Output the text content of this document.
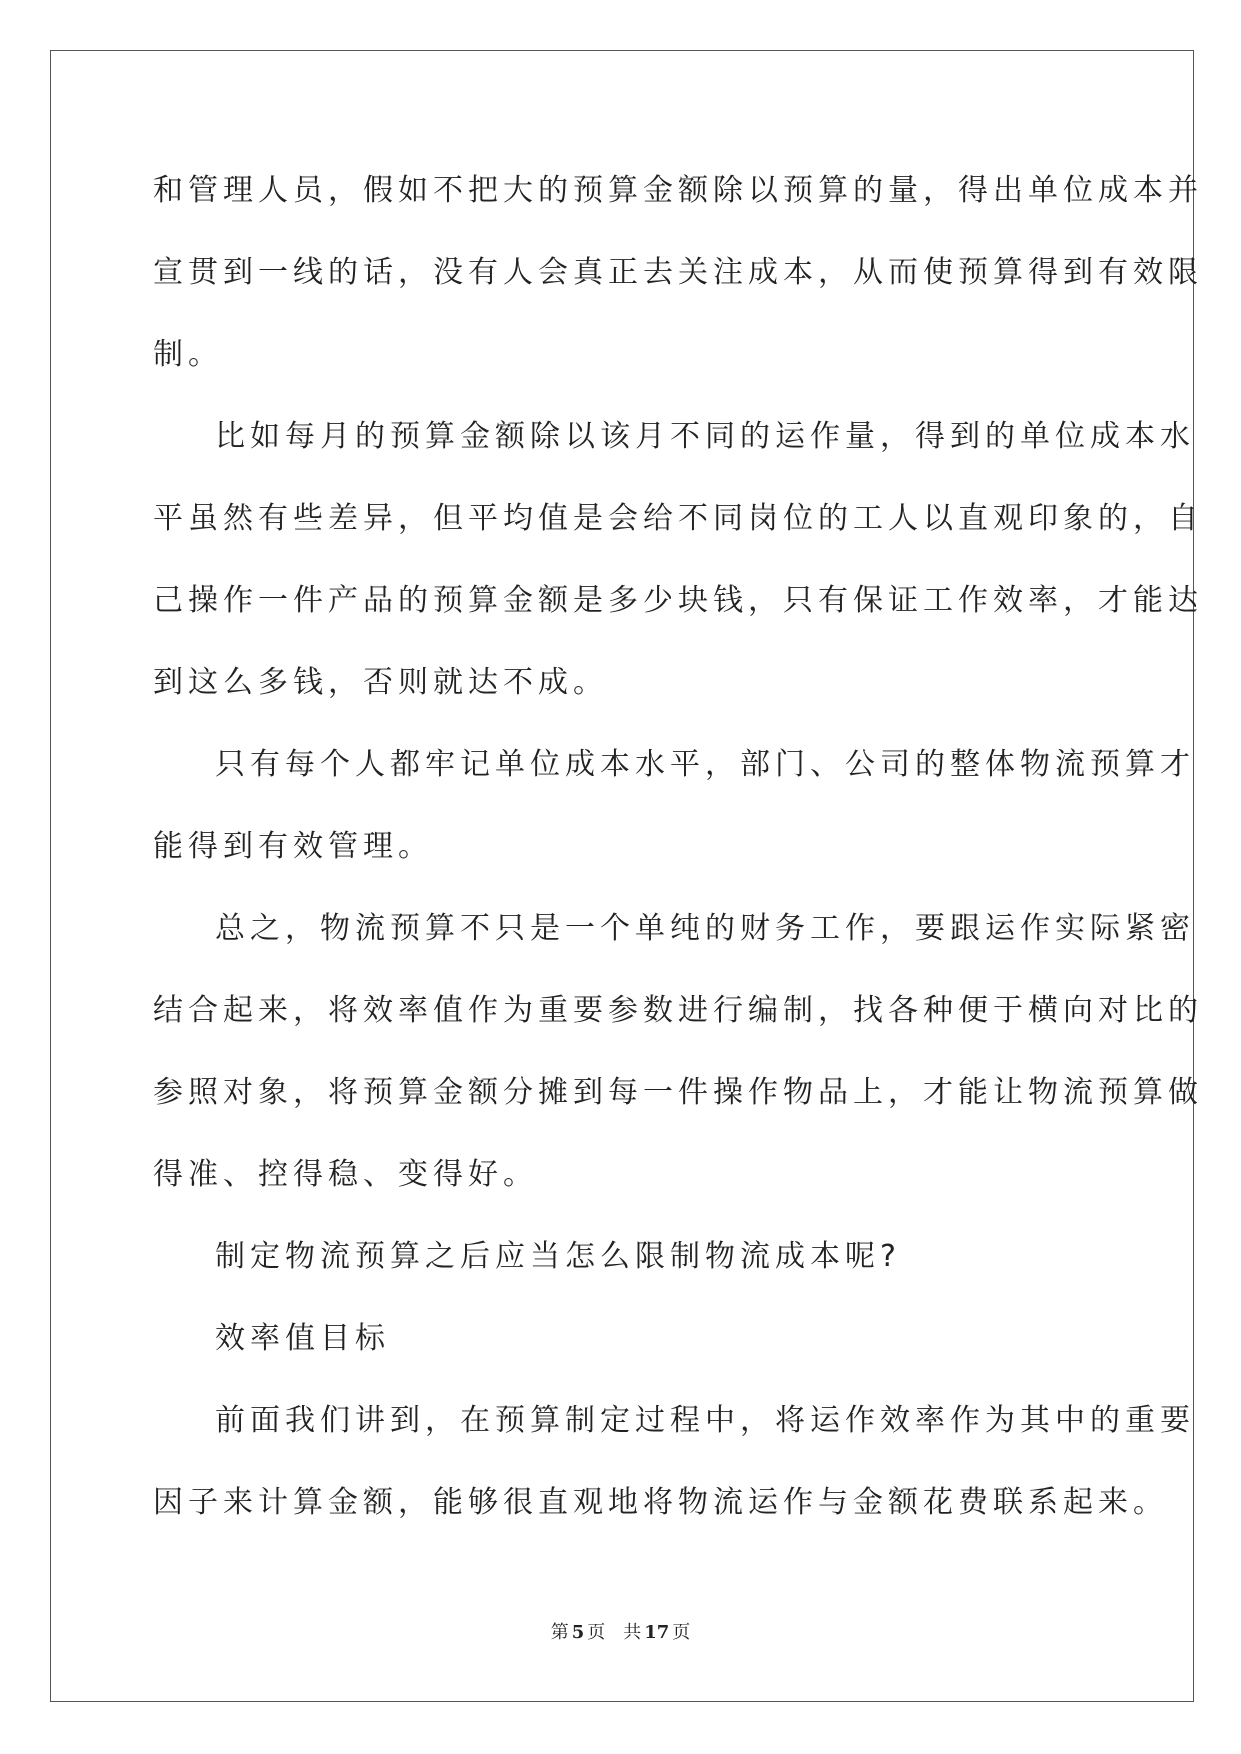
和管理人员，假如不把大的预算金额除以预算的量，得出单位成本并
宣贯到一线的话，没有人会真正去关注成本，从而使预算得到有效限
制。
比如每月的预算金额除以该月不同的运作量，得到的单位成本水
平虽然有些差异，但平均值是会给不同岗位的工人以直观印象的，自
己操作一件产品的预算金额是多少块钱，只有保证工作效率，才能达
到这么多钱，否则就达不成。
只有每个人都牢记单位成本水平，部门、公司的整体物流预算才
能得到有效管理。
总之，物流预算不只是一个单纯的财务工作，要跟运作实际紧密
结合起来，将效率值作为重要参数进行编制，找各种便于横向对比的
参照对象，将预算金额分摊到每一件操作物品上，才能让物流预算做
得准、控得稳、变得好。
制定物流预算之后应当怎么限制物流成本呢?
效率值目标
前面我们讲到，在预算制定过程中，将运作效率作为其中的重要
因子来计算金额，能够很直观地将物流运作与金额花费联系起来。
第 5 页 共 17 页
